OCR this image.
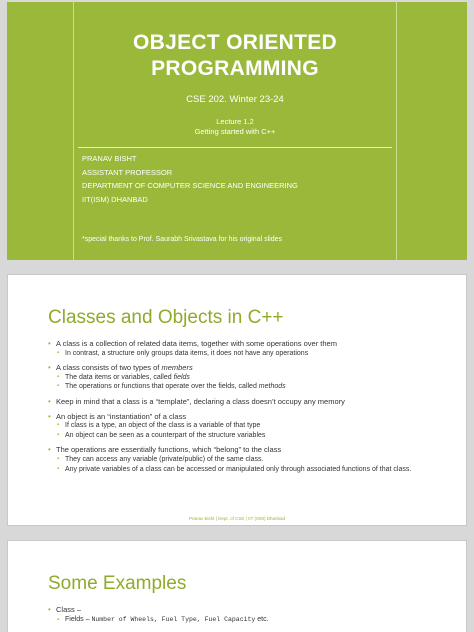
OBJECT ORIENTED
PROGRAMMING
CSE 202. Winter 23-24
Lecture 1.2
Getting started with C++
PRANAV BISHT
ASSISTANT PROFESSOR
DEPARTMENT OF COMPUTER SCIENCE AND ENGINEERING
IIT(ISM) DHANBAD
*special thanks to Prof. Saurabh Srivastava for his original slides
Classes and Objects in C++
• A class is a collection of related data items, together with some operations over them
▪ In contrast, a structure only groups data items, it does not have any operations
• A class consists of two types of members
▪ The data items or variables, called fields
▪ The operations or functions that operate over the fields, called methods
• Keep in mind that a class is a “template”, declaring a class doesn’t occupy any memory
• An object is an “instantiation” of a class
▪ If class is a type, an object of the class is a variable of that type
▪ An object can be seen as a counterpart of the structure variables
• The operations are essentially functions, which “belong” to the class
▪ They can access any variable (private/public) of the same class.
▪ Any private variables of a class can be accessed or manipulated only through associated functions of that class.
Pranav Bisht | Dept. of CSE | IIT (ISM) Dhanbad
Some Examples
• Class –
▪ Fields – Number of Wheels, Fuel Type, Fuel Capacity etc.
